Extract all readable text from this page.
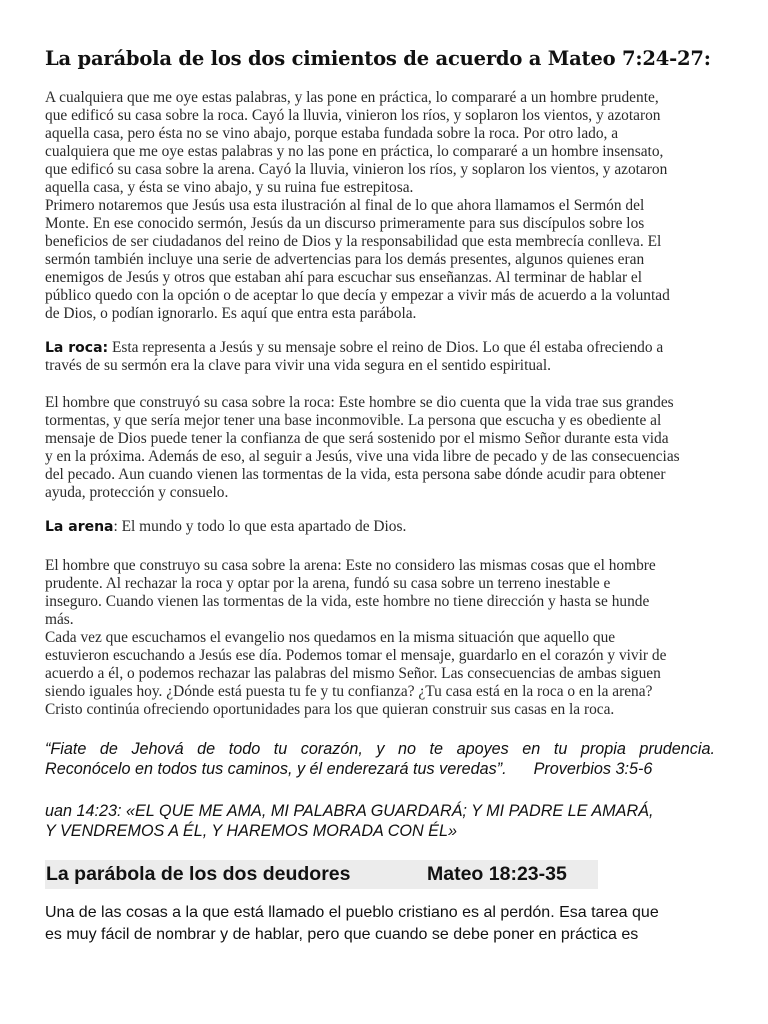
La parábola de los dos cimientos de acuerdo a Mateo 7:24-27:

A cualquiera que me oye estas palabras, y las pone en práctica, lo compararé a un hombre prudente,

que edificó su casa sobre la roca. Cayó la lluvia, vinieron los ríos, y soplaron los vientos, y azotaron

aquella casa, pero ésta no se vino abajo, porque estaba fundada sobre la roca. Por otro lado, a

cualquiera que me oye estas palabras y no las pone en práctica, lo compararé a un hombre insensato,

que edificó su casa sobre la arena. Cayó la lluvia, vinieron los ríos, y soplaron los vientos, y azotaron

aquella casa, y ésta se vino abajo, y su ruina fue estrepitosa.

Primero notaremos que Jesús usa esta ilustración al final de lo que ahora llamamos el Sermón del

Monte. En ese conocido sermón, Jesús da un discurso primeramente para sus discípulos sobre los

beneficios de ser ciudadanos del reino de Dios y la responsabilidad que esta membrecía conlleva. El

sermón también incluye una serie de advertencias para los demás presentes, algunos quienes eran

enemigos de Jesús y otros que estaban ahí para escuchar sus enseñanzas. Al terminar de hablar el

público quedo con la opción o de aceptar lo que decía y empezar a vivir más de acuerdo a la voluntad

de Dios, o podían ignorarlo. Es aquí que entra esta parábola.

La roca: Esta representa a Jesús y su mensaje sobre el reino de Dios. Lo que él estaba ofreciendo a

través de su sermón era la clave para vivir una vida segura en el sentido espiritual.

El hombre que construyó su casa sobre la roca: Este hombre se dio cuenta que la vida trae sus grandes

tormentas, y que sería mejor tener una base inconmovible. La persona que escucha y es obediente al

mensaje de Dios puede tener la confianza de que será sostenido por el mismo Señor durante esta vida

y en la próxima. Además de eso, al seguir a Jesús, vive una vida libre de pecado y de las consecuencias

del pecado. Aun cuando vienen las tormentas de la vida, esta persona sabe dónde acudir para obtener

ayuda, protección y consuelo.

La arena: El mundo y todo lo que esta apartado de Dios.

El hombre que construyo su casa sobre la arena: Este no considero las mismas cosas que el hombre

prudente. Al rechazar la roca y optar por la arena, fundó su casa sobre un terreno inestable e

inseguro. Cuando vienen las tormentas de la vida, este hombre no tiene dirección y hasta se hunde

más.

Cada vez que escuchamos el evangelio nos quedamos en la misma situación que aquello que

estuvieron escuchando a Jesús ese día. Podemos tomar el mensaje, guardarlo en el corazón y vivir de

acuerdo a él, o podemos rechazar las palabras del mismo Señor. Las consecuencias de ambas siguen

siendo iguales hoy. ¿Dónde está puesta tu fe y tu confianza? ¿Tu casa está en la roca o en la arena?

Cristo continúa ofreciendo oportunidades para los que quieran construir sus casas en la roca.

“Fiate de Jehová de todo tu corazón, y no te apoyes en tu propia prudencia.

Reconócelo en todos tus caminos, y él enderezará tus veredas”.      Proverbios 3:5-6

uan 14:23: «EL QUE ME AMA, MI PALABRA GUARDARÁ; Y MI PADRE LE AMARÁ,

Y VENDREMOS A ÉL, Y HAREMOS MORADA CON ÉL»

La parábola de los dos deudores	Mateo 18:23-35

Una de las cosas a la que está llamado el pueblo cristiano es al perdón. Esa tarea que

es muy fácil de nombrar y de hablar, pero que cuando se debe poner en práctica es
